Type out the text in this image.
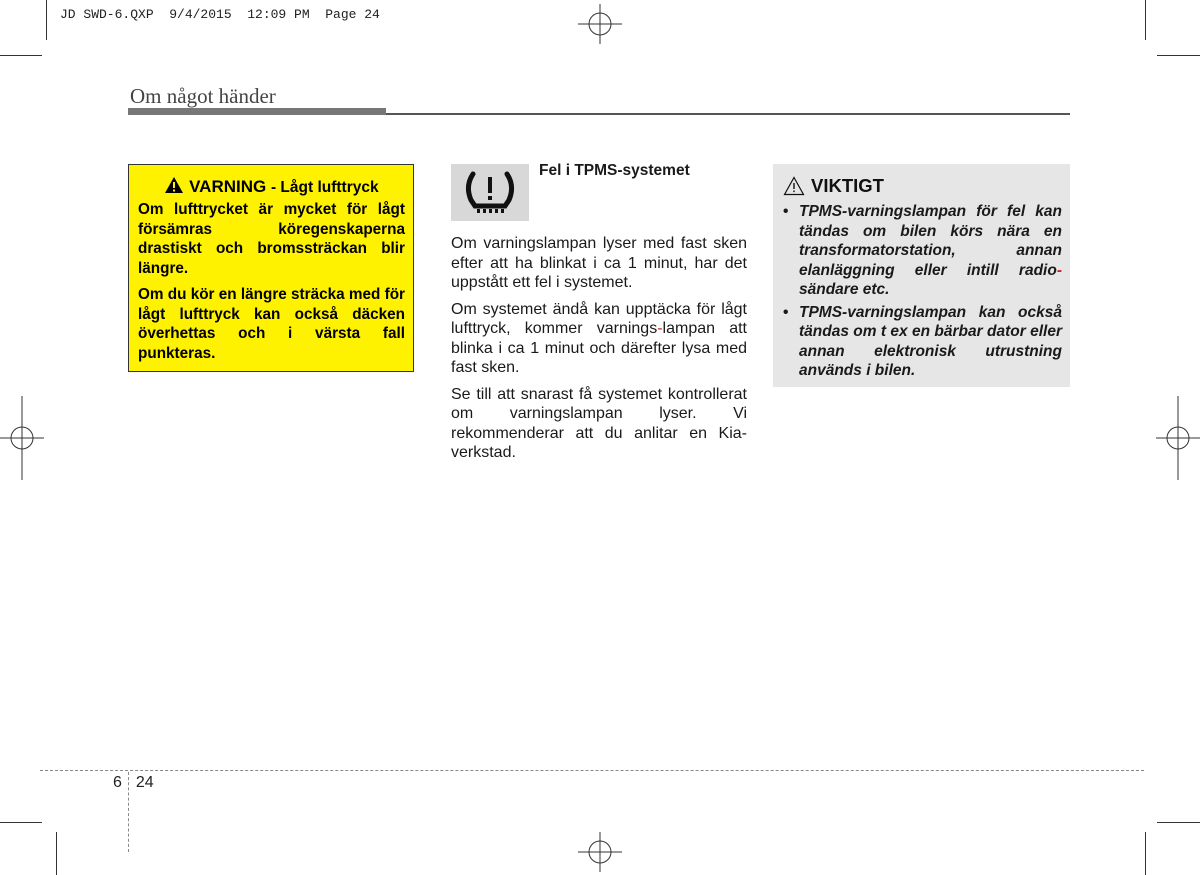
JD SWD-6.QXP  9/4/2015  12:09 PM  Page 24
Om något händer
VARNING - Lågt lufttryck

Om lufttrycket är mycket för lågt försämras köregenskaperna drastiskt och bromssträckan blir längre.

Om du kör en längre sträcka med för lågt lufttryck kan också däcken överhettas och i värsta fall punkteras.

Fel i TPMS-systemet

Om varningslampan lyser med fast sken efter att ha blinkat i ca 1 minut, har det uppstått ett fel i systemet.

Om systemet ändå kan upptäcka för lågt lufttryck, kommer varnings-lampan att blinka i ca 1 minut och därefter lysa med fast sken.

Se till att snarast få systemet kontrollerat om varningslampan lyser. Vi rekommenderar att du anlitar en Kia-verkstad.

VIKTIGT
• TPMS-varningslampan för fel kan tändas om bilen körs nära en transformatorstation, annan elanläggning eller intill radio-sändare etc.
• TPMS-varningslampan kan också tändas om t ex en bärbar dator eller annan elektronisk utrustning används i bilen.
6 24
